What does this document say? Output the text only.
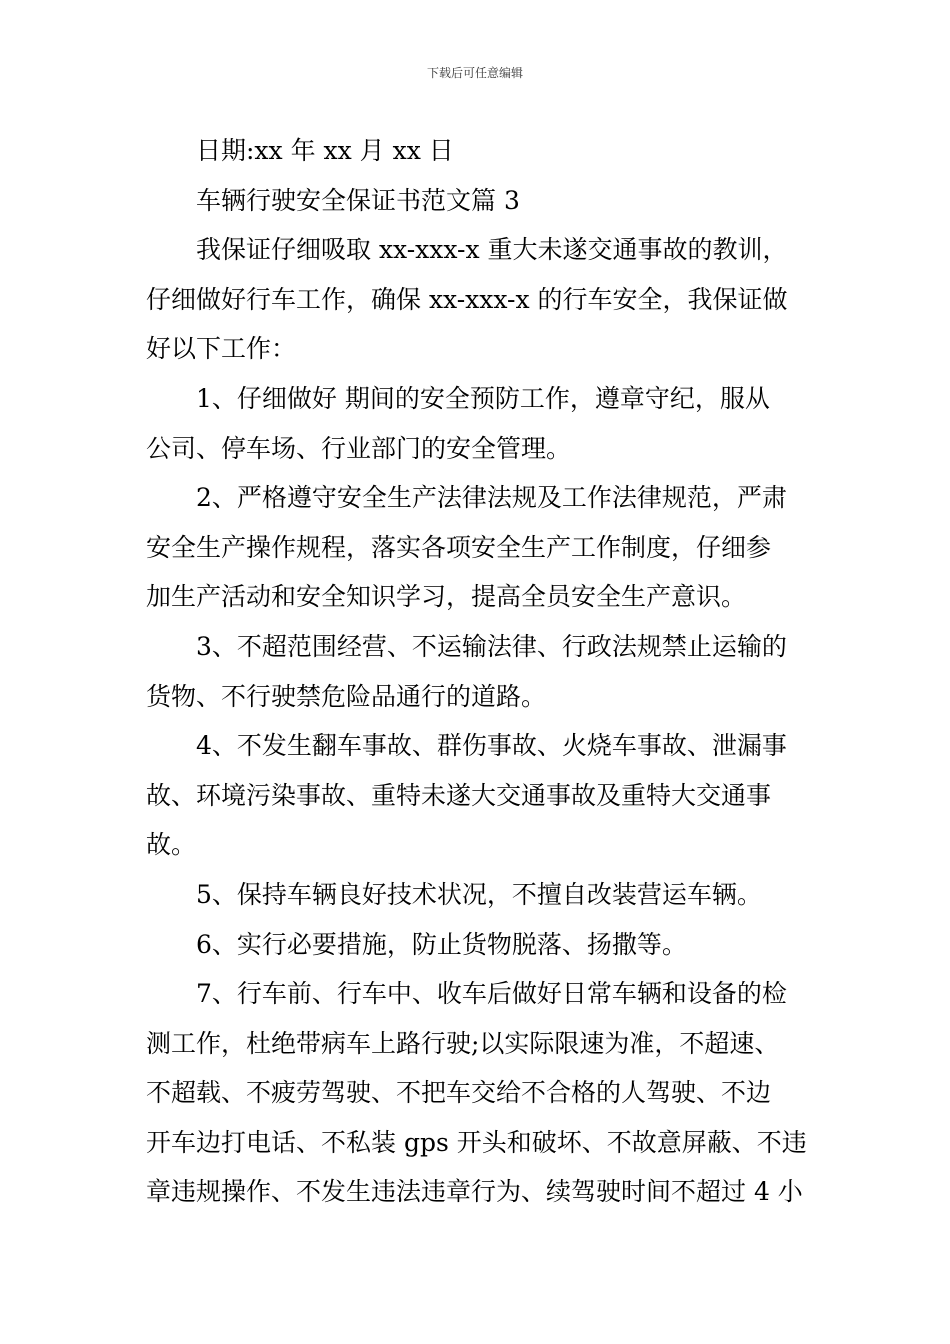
下载后可任意编辑
日期:xx 年 xx 月 xx 日
车辆行驶安全保证书范文篇 3
我保证仔细吸取 xx-xxx-x 重大未遂交通事故的教训，
仔细做好行车工作，确保 xx-xxx-x 的行车安全，我保证做
好以下工作：
1、仔细做好 期间的安全预防工作，遵章守纪，服从
公司、停车场、行业部门的安全管理。
2、严格遵守安全生产法律法规及工作法律规范，严肃
安全生产操作规程，落实各项安全生产工作制度，仔细参
加生产活动和安全知识学习，提高全员安全生产意识。
3、不超范围经营、不运输法律、行政法规禁止运输的
货物、不行驶禁危险品通行的道路。
4、不发生翻车事故、群伤事故、火烧车事故、泄漏事
故、环境污染事故、重特未遂大交通事故及重特大交通事
故。
5、保持车辆良好技术状况，不擅自改装营运车辆。
6、实行必要措施，防止货物脱落、扬撒等。
7、行车前、行车中、收车后做好日常车辆和设备的检
测工作，杜绝带病车上路行驶;以实际限速为准，不超速、
不超载、不疲劳驾驶、不把车交给不合格的人驾驶、不边
开车边打电话、不私装 gps 开头和破坏、不故意屏蔽、不违
章违规操作、不发生违法违章行为、续驾驶时间不超过 4 小
